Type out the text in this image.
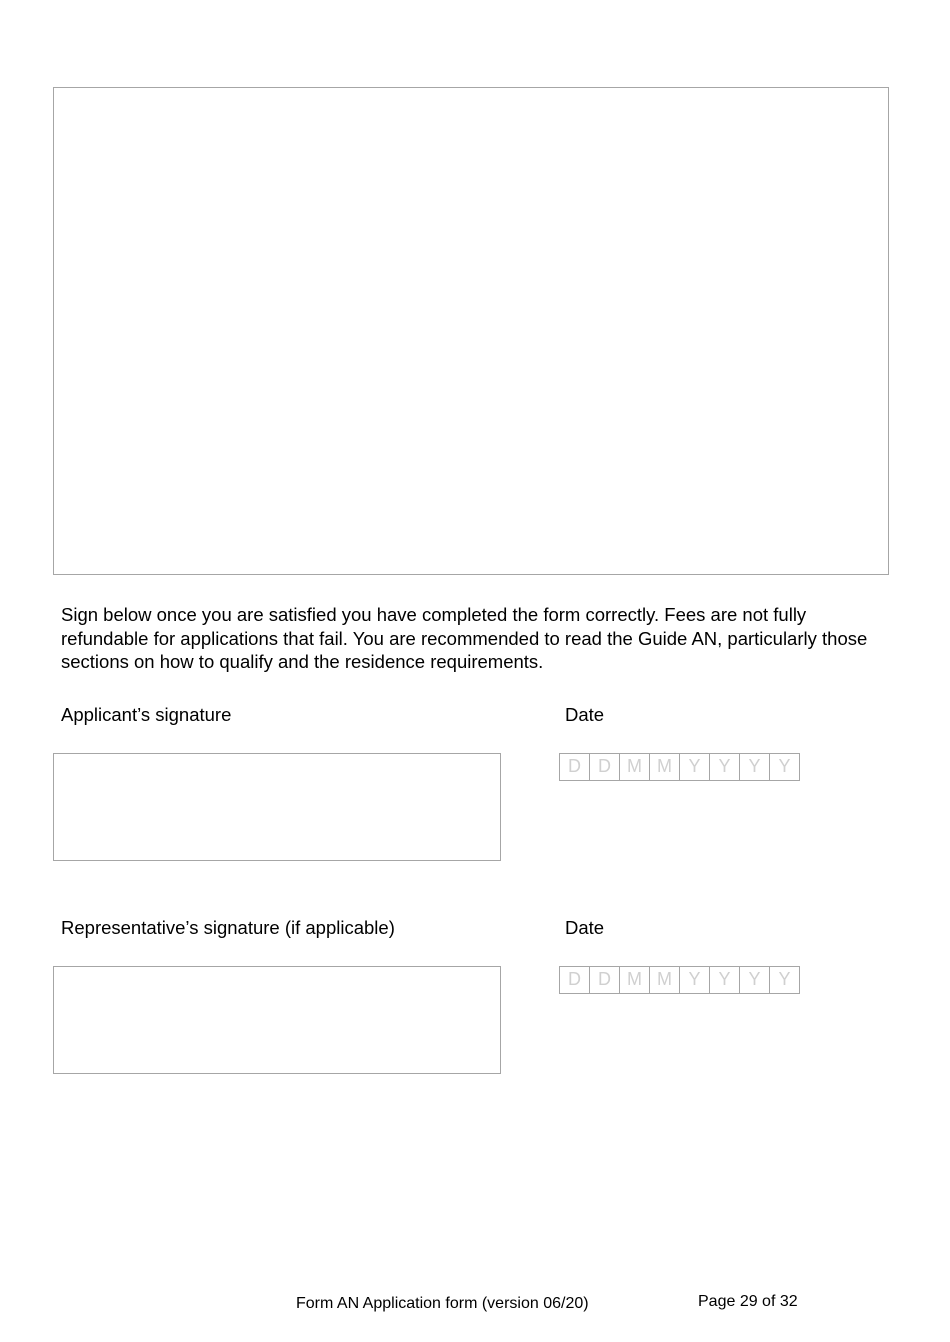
Sign below once you are satisfied you have completed the form correctly. Fees are not fully refundable for applications that fail. You are recommended to read the Guide AN, particularly those sections on how to qualify and the residence requirements.

Applicant’s signature	Date
D D M M Y Y Y Y
Representative’s signature (if applicable)	Date
D D M M Y Y Y Y
Form AN Application form (version 06/20)	Page 29 of 32
